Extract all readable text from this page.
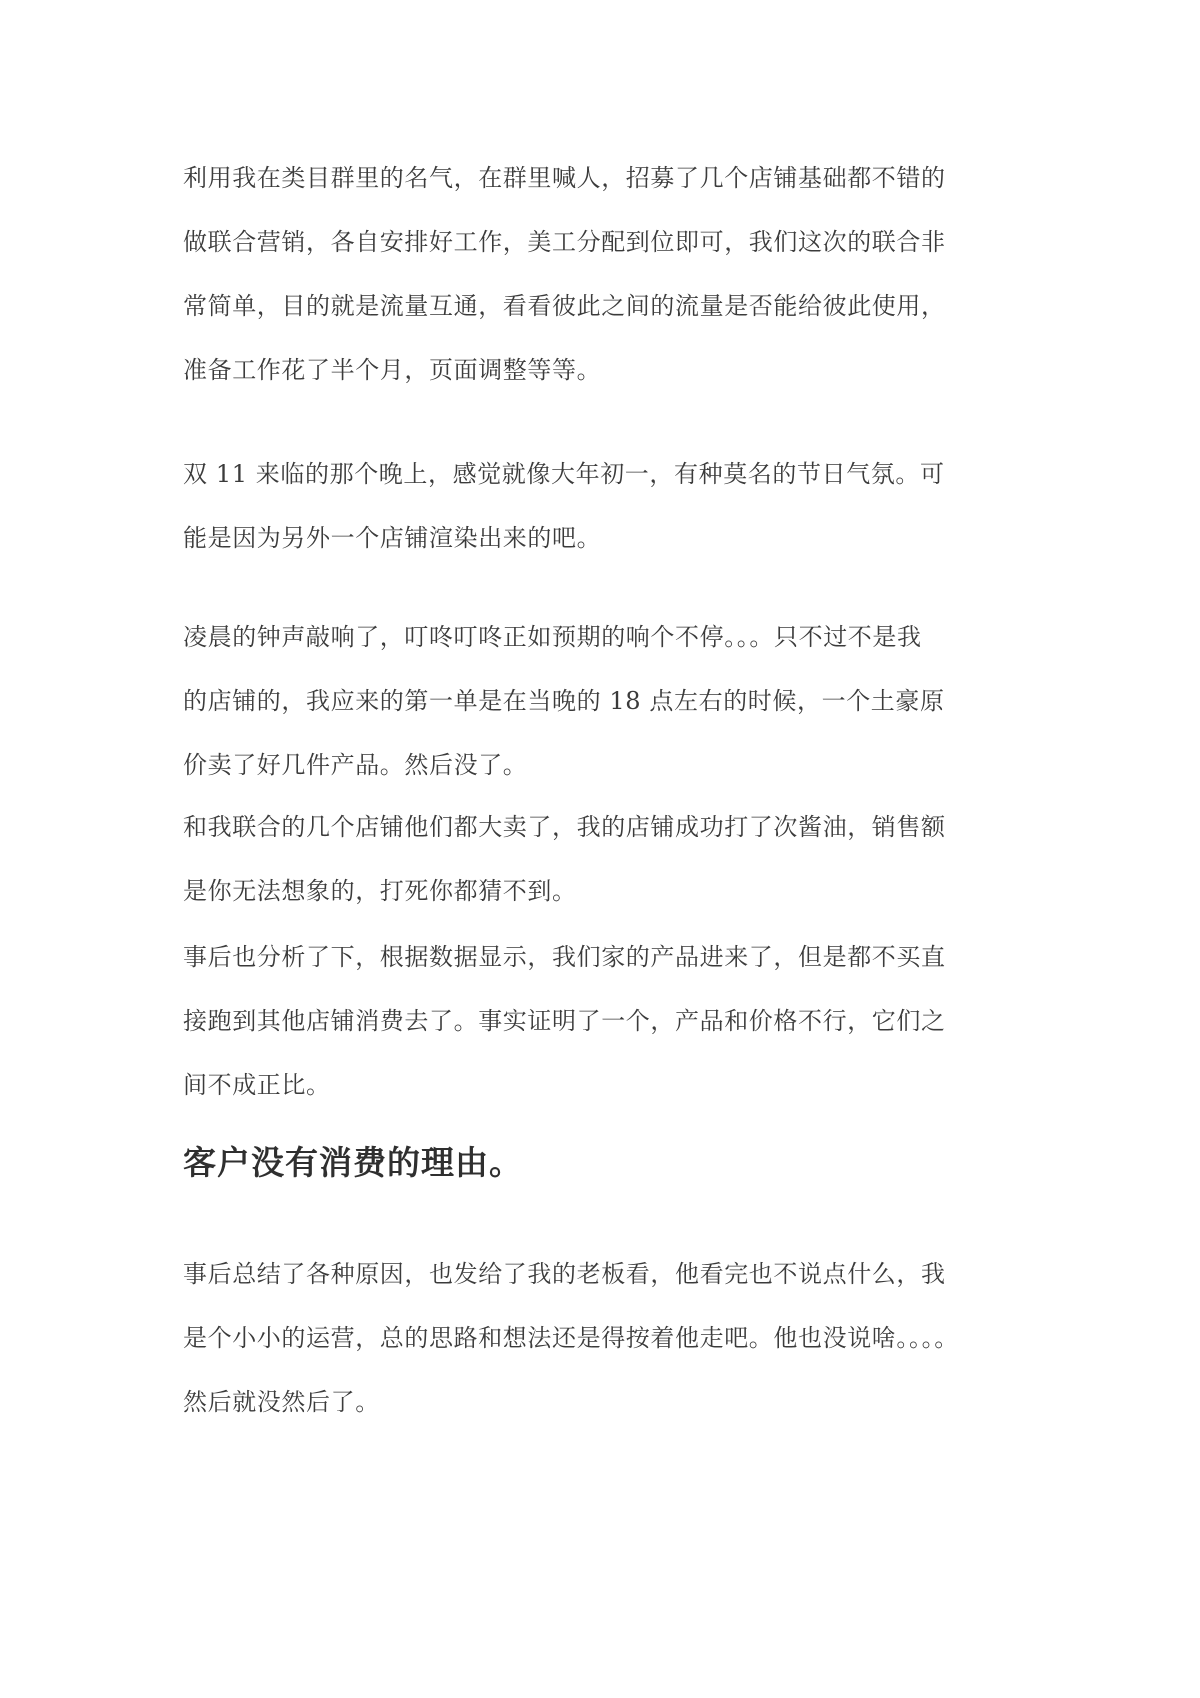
利用我在类目群里的名气，在群里喊人，招募了几个店铺基础都不错的
做联合营销，各自安排好工作，美工分配到位即可，我们这次的联合非
常简单，目的就是流量互通，看看彼此之间的流量是否能给彼此使用，
准备工作花了半个月，页面调整等等。
双 11 来临的那个晚上，感觉就像大年初一，有种莫名的节日气氛。可
能是因为另外一个店铺渲染出来的吧。
凌晨的钟声敲响了，叮咚叮咚正如预期的响个不停。。。只不过不是我
的店铺的，我应来的第一单是在当晚的 18 点左右的时候，一个土豪原
价卖了好几件产品。然后没了。
和我联合的几个店铺他们都大卖了，我的店铺成功打了次酱油，销售额
是你无法想象的，打死你都猜不到。
事后也分析了下，根据数据显示，我们家的产品进来了，但是都不买直
接跑到其他店铺消费去了。事实证明了一个，产品和价格不行，它们之
间不成正比。
客户没有消费的理由。
事后总结了各种原因，也发给了我的老板看，他看完也不说点什么，我
是个小小的运营，总的思路和想法还是得按着他走吧。他也没说啥。。。。
然后就没然后了。
